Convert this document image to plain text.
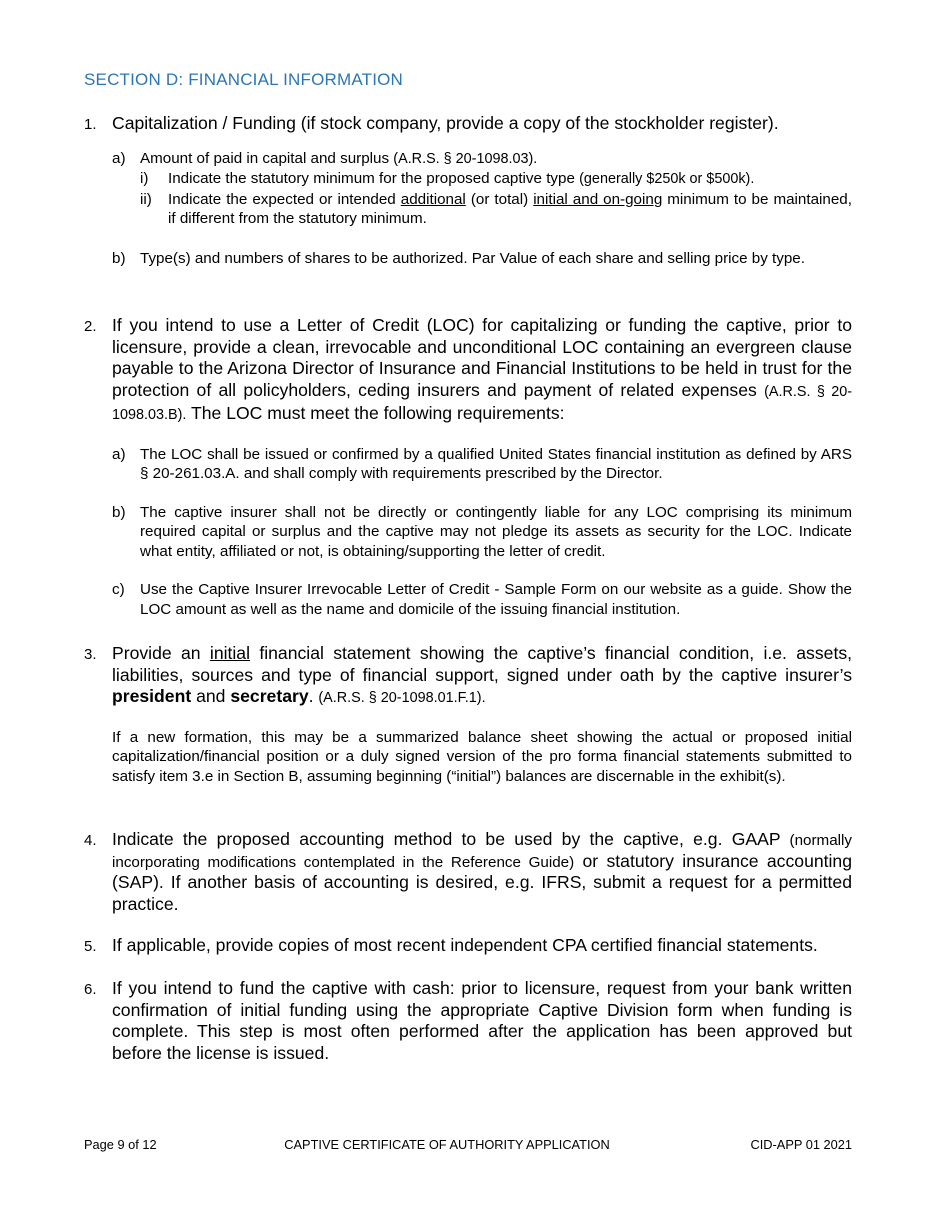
SECTION D: FINANCIAL INFORMATION
1. Capitalization / Funding (if stock company, provide a copy of the stockholder register).
a) Amount of paid in capital and surplus (A.R.S. § 20-1098.03).
i)	Indicate the statutory minimum for the proposed captive type (generally $250k or $500k).
ii)	Indicate the expected or intended additional (or total) initial and on-going minimum to be maintained, if different from the statutory minimum.
b) Type(s) and numbers of shares to be authorized. Par Value of each share and selling price by type.
2. If you intend to use a Letter of Credit (LOC) for capitalizing or funding the captive, prior to licensure, provide a clean, irrevocable and unconditional LOC containing an evergreen clause payable to the Arizona Director of Insurance and Financial Institutions to be held in trust for the protection of all policyholders, ceding insurers and payment of related expenses (A.R.S. § 20-1098.03.B). The LOC must meet the following requirements:
a) The LOC shall be issued or confirmed by a qualified United States financial institution as defined by ARS § 20-261.03.A. and shall comply with requirements prescribed by the Director.
b) The captive insurer shall not be directly or contingently liable for any LOC comprising its minimum required capital or surplus and the captive may not pledge its assets as security for the LOC. Indicate what entity, affiliated or not, is obtaining/supporting the letter of credit.
c)	Use the Captive Insurer Irrevocable Letter of Credit - Sample Form on our website as a guide. Show the LOC amount as well as the name and domicile of the issuing financial institution.
3. Provide an initial financial statement showing the captive’s financial condition, i.e. assets, liabilities, sources and type of financial support, signed under oath by the captive insurer’s president and secretary. (A.R.S. § 20-1098.01.F.1).
If a new formation, this may be a summarized balance sheet showing the actual or proposed initial capitalization/financial position or a duly signed version of the pro forma financial statements submitted to satisfy item 3.e in Section B, assuming beginning (“initial”) balances are discernable in the exhibit(s).
4. Indicate the proposed accounting method to be used by the captive, e.g. GAAP (normally incorporating modifications contemplated in the Reference Guide) or statutory insurance accounting (SAP). If another basis of accounting is desired, e.g. IFRS, submit a request for a permitted practice.
5. If applicable, provide copies of most recent independent CPA certified financial statements.
6. If you intend to fund the captive with cash: prior to licensure, request from your bank written confirmation of initial funding using the appropriate Captive Division form when funding is complete. This step is most often performed after the application has been approved but before the license is issued.
Page 9 of 12	CAPTIVE CERTIFICATE OF AUTHORITY APPLICATION	CID-APP 01 2021
